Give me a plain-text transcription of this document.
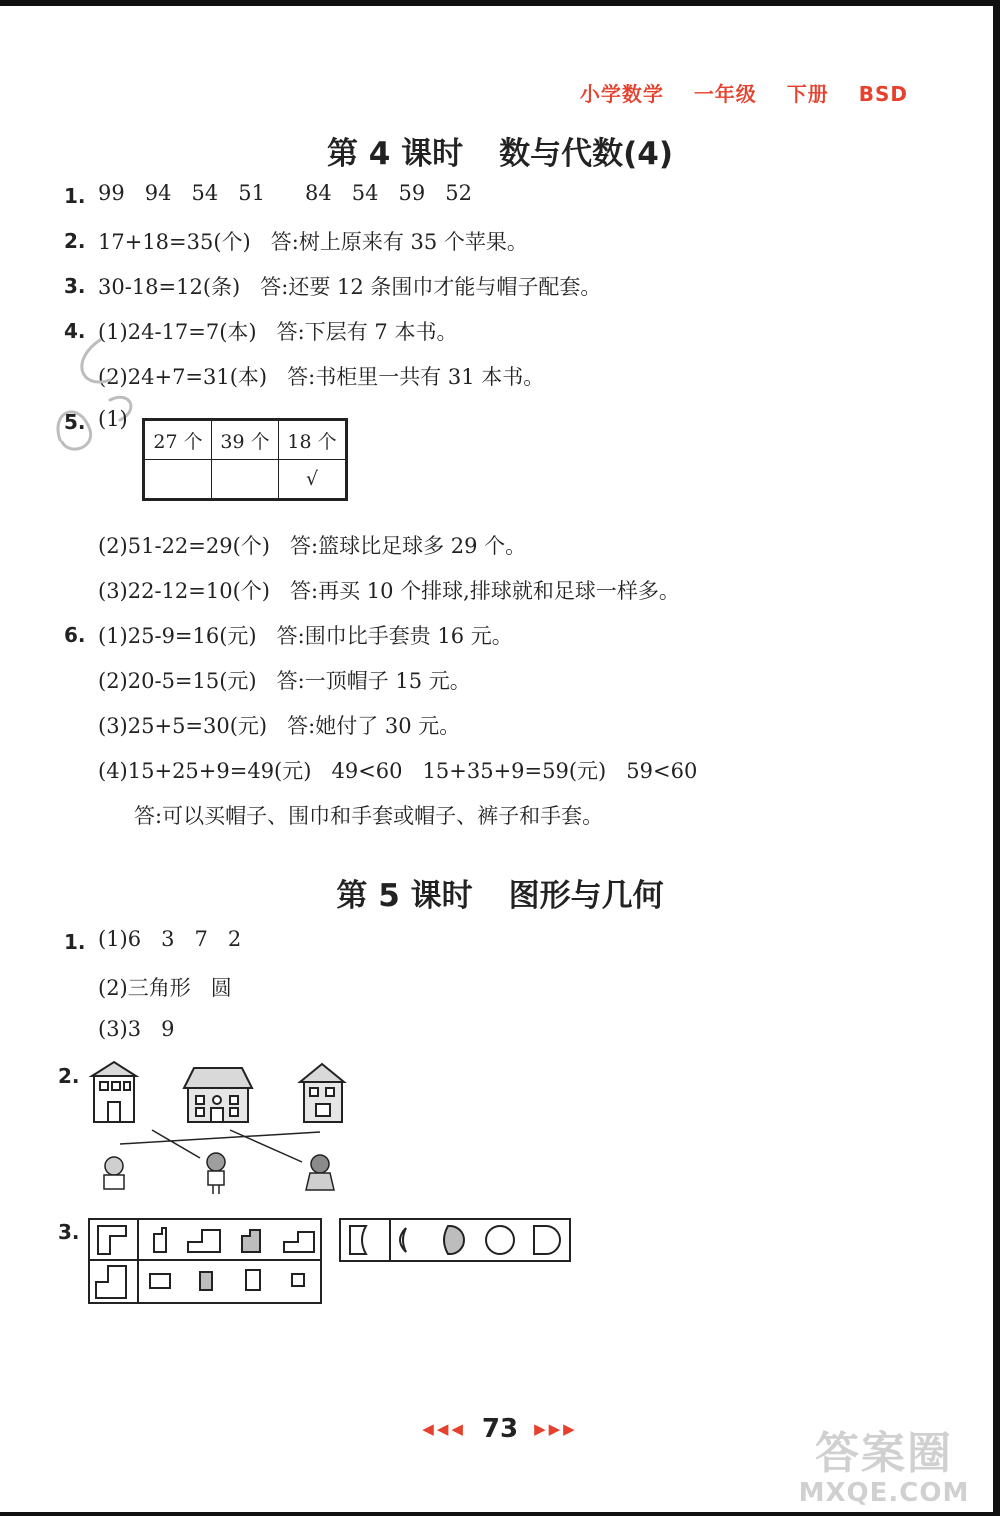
小学数学 一年级 下册 BSD
第 4 课时 数与代数(4)
1. 99   94   54   51      84   54   59   52
2. 17+18=35(个)   答:树上原来有 35 个苹果。
3. 30-18=12(条)   答:还要 12 条围巾才能与帽子配套。
4. (1)24-17=7(本)   答:下层有 7 本书。
(2)24+7=31(本)   答:书柜里一共有 31 本书。
5. (1)
27 个	39 个	18 个
		√
(2)51-22=29(个)   答:篮球比足球多 29 个。
(3)22-12=10(个)   答:再买 10 个排球,排球就和足球一样多。
6. (1)25-9=16(元)   答:围巾比手套贵 16 元。
(2)20-5=15(元)   答:一顶帽子 15 元。
(3)25+5=30(元)   答:她付了 30 元。
(4)15+25+9=49(元)   49<60   15+35+9=59(元)   59<60
答:可以买帽子、围巾和手套或帽子、裤子和手套。
第 5 课时 图形与几何
1. (1)6   3   7   2
(2)三角形   圆
(3)3   9
2.
3.
◀◀◀ 73 ▶▶▶	答案圈
MXQE.COM
